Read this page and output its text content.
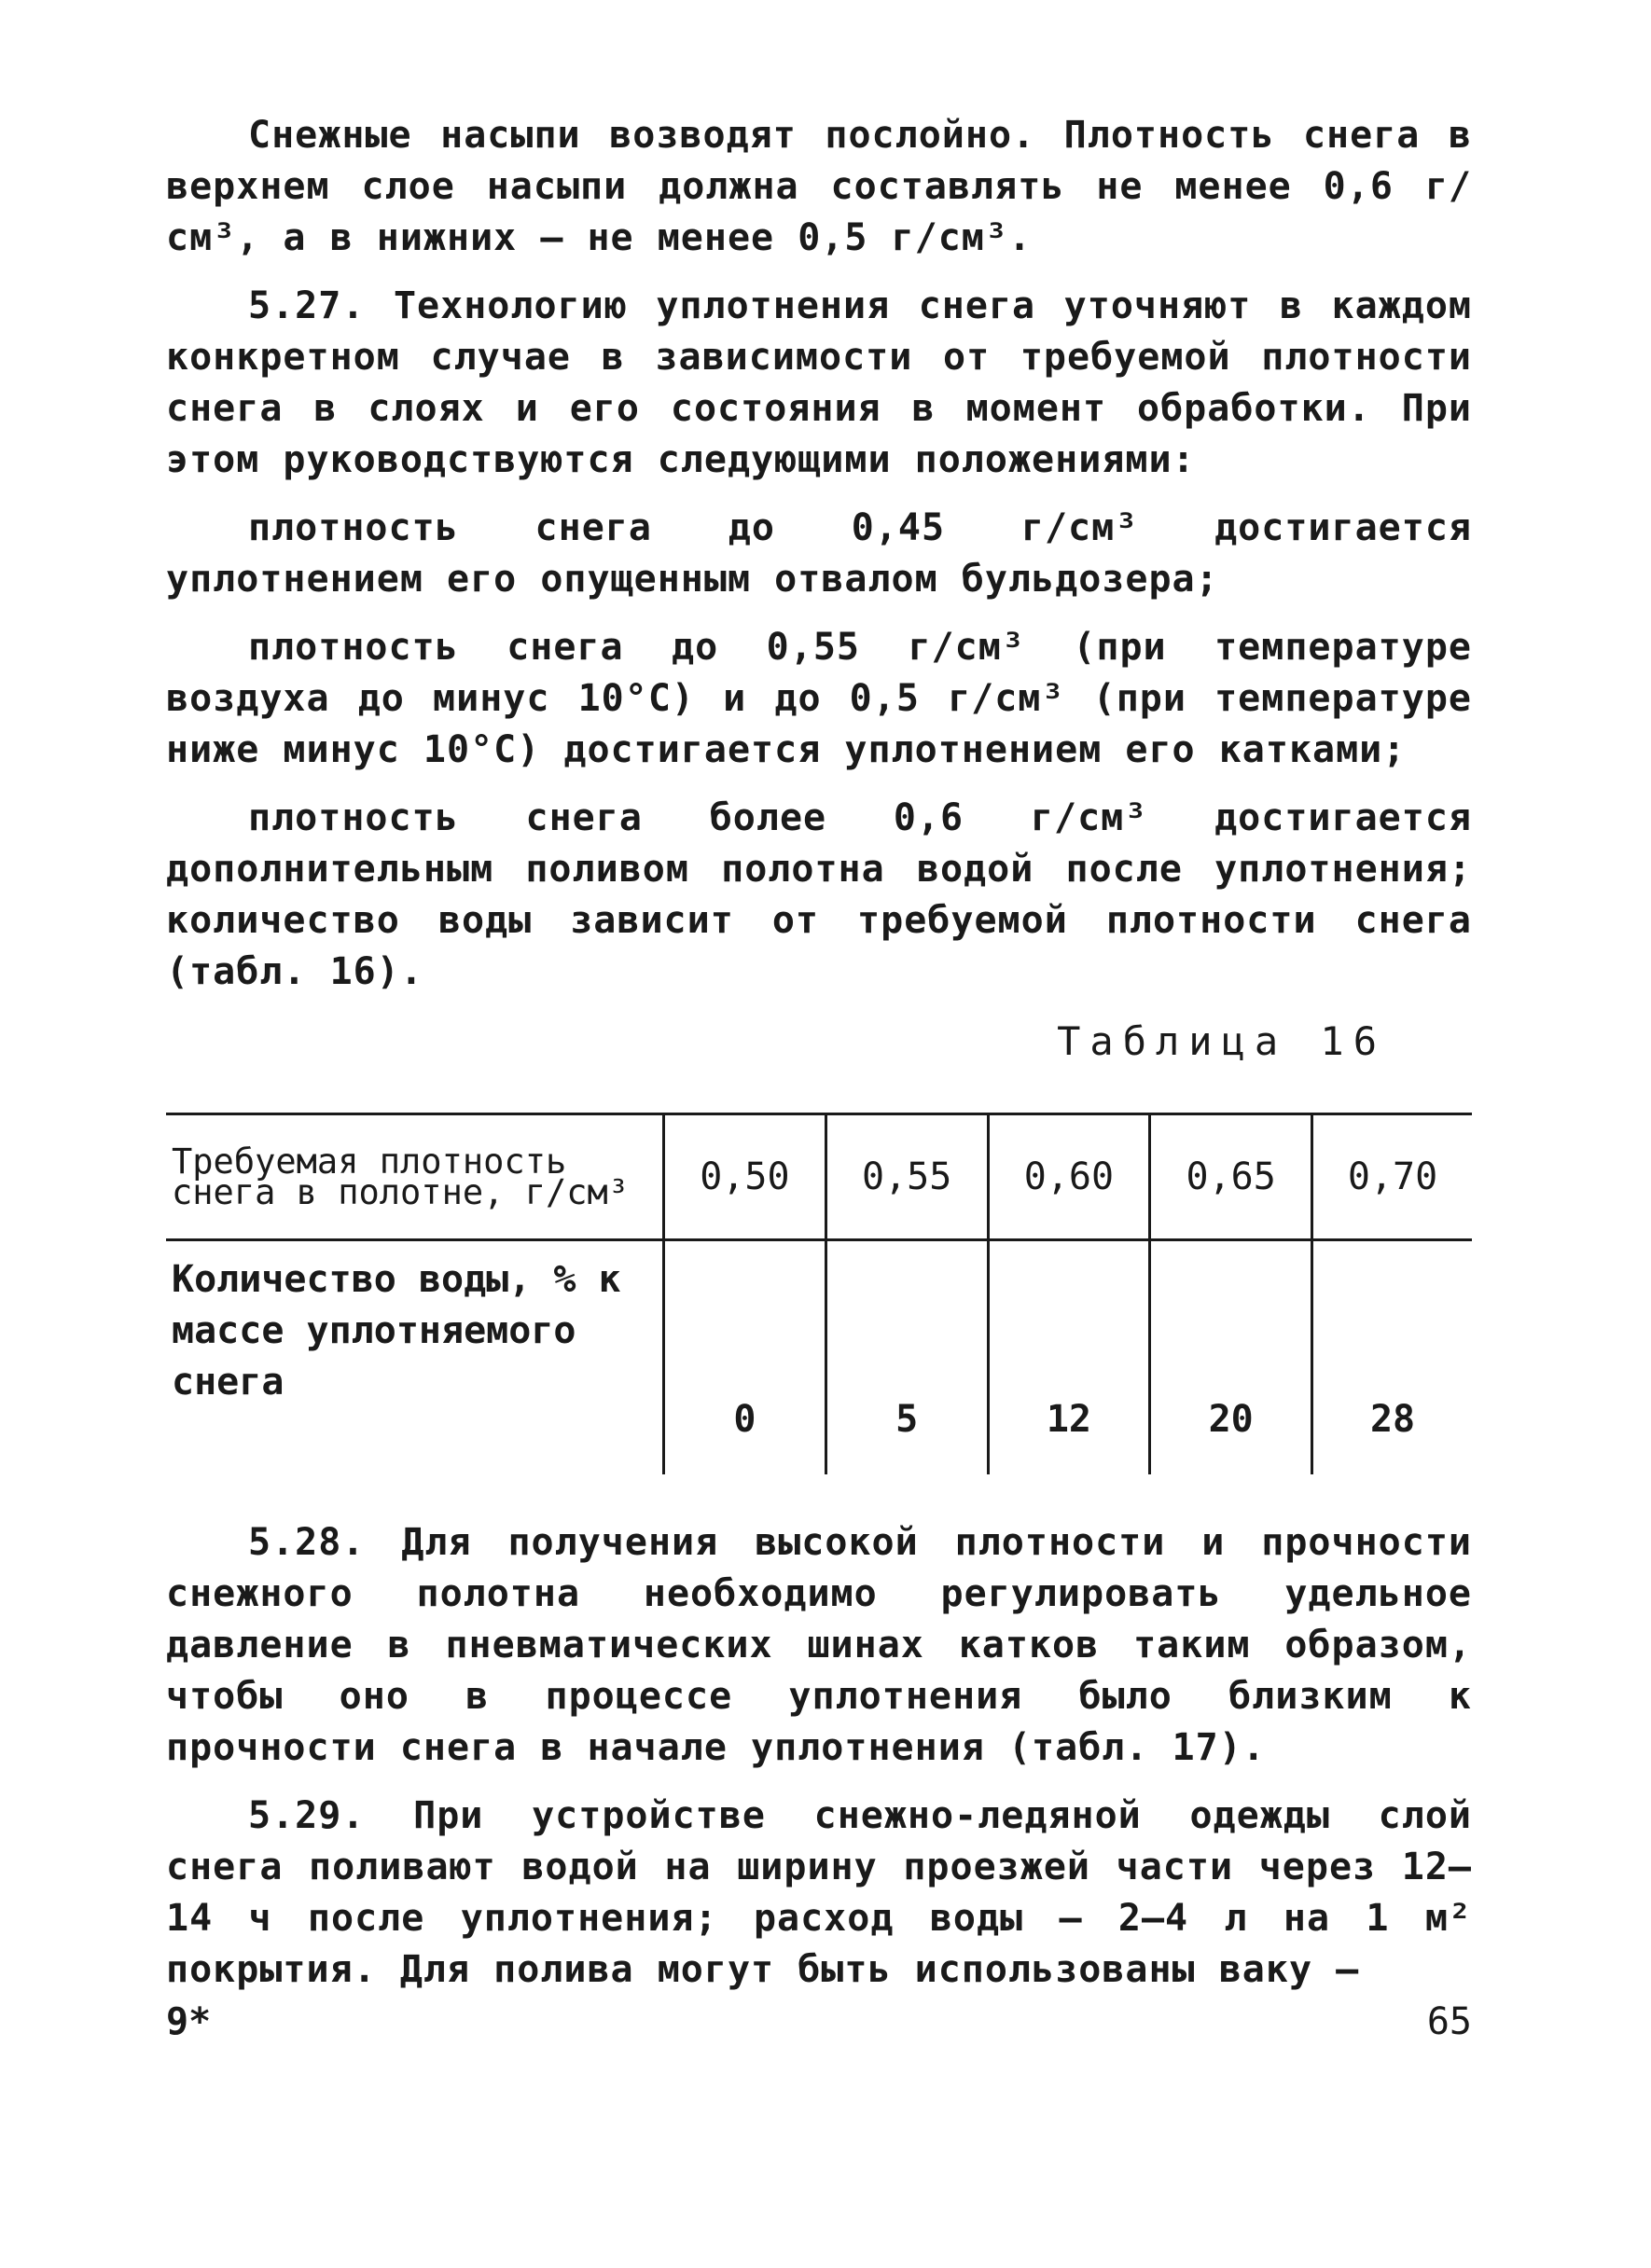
Снежные насыпи возводят послойно. Плотность снега в верхнем слое насыпи должна составлять не менее 0,6 г/см³, а в нижних – не менее 0,5 г/см³.

5.27. Технологию уплотнения снега уточняют в каждом конкретном случае в зависимости от требуемой плотности снега в слоях и его состояния в момент обработки. При этом руководствуются следующими положениями:

плотность снега до 0,45 г/см³ достигается уплотнением его опущенным отвалом бульдозера;

плотность снега до 0,55 г/см³ (при температуре воздуха до минус 10°С) и до 0,5 г/см³ (при температуре ниже минус 10°С) достигается уплотнением его катками;

плотность снега более 0,6 г/см³ достигается дополнительным поливом полотна водой после уплотнения; количество воды зависит от требуемой плотности снега (табл. 16).

Таблица 16
Требуемая плотность снега в полотне, г/см³	0,50	0,55	0,60	0,65	0,70
Количество воды, % к массе уплотняемого снега	0	5	12	20	28

5.28. Для получения высокой плотности и прочности снежного полотна необходимо регулировать удельное давление в пневматических шинах катков таким образом, чтобы оно в процессе уплотнения было близким к прочности снега в начале уплотнения (табл. 17).

5.29. При устройстве снежно-ледяной одежды слой снега поливают водой на ширину проезжей части через 12–14 ч после уплотнения; расход воды – 2–4 л на 1 м² покрытия. Для полива могут быть использованы ваку –

9*	65
